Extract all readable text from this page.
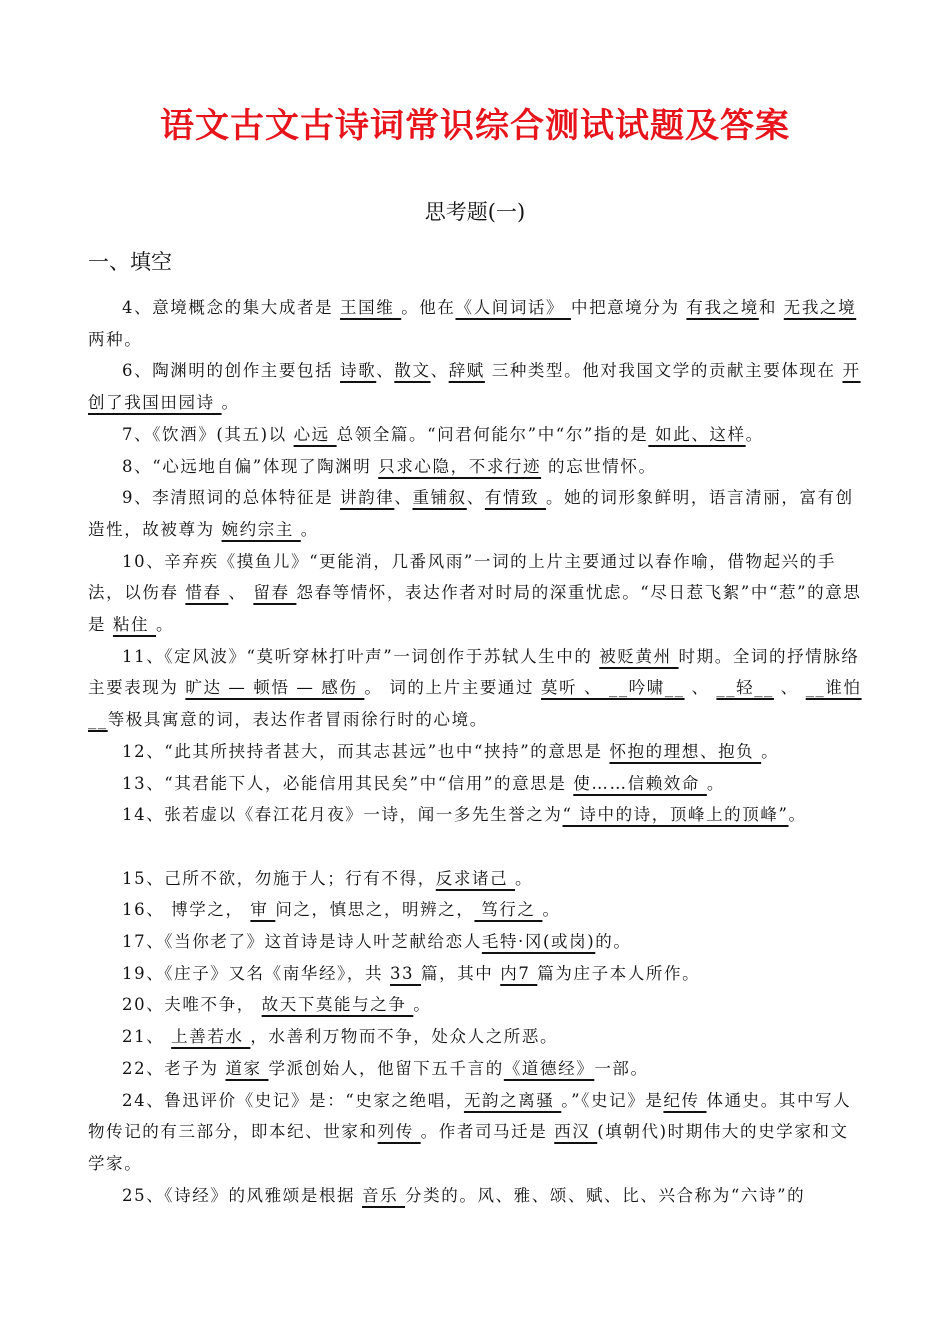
语文古文古诗词常识综合测试试题及答案
思考题(一)
一、填空

4、意境概念的集大成者是 王国维 。他在《人间词话》 中把意境分为 有我之境和 无我之境 两种。

6、陶渊明的创作主要包括 诗歌、散文、辞赋 三种类型。他对我国文学的贡献主要体现在 开创了我国田园诗 。

7、《饮酒》(其五)以 心远 总领全篇。“问君何能尔”中“尔”指的是 如此、这样。

8、“心远地自偏”体现了陶渊明 只求心隐，不求行迹 的忘世情怀。

9、李清照词的总体特征是 讲韵律、重铺叙、有情致 。她的词形象鲜明，语言清丽，富有创造性，故被尊为 婉约宗主 。

10、辛弃疾《摸鱼儿》“更能消，几番风雨”一词的上片主要通过以春作喻，借物起兴的手法，以伤春 惜春 、 留春 怨春等情怀，表达作者对时局的深重忧虑。“尽日惹飞絮”中“惹”的意思是 粘住 。

11、《定风波》“莫听穿林打叶声”一词创作于苏轼人生中的 被贬黄州 时期。全词的抒情脉络主要表现为 旷达 — 顿悟 — 感伤 。 词的上片主要通过 莫听 、 __吟啸__ 、 __轻__ 、 __谁怕__等极具寓意的词，表达作者冒雨徐行时的心境。

12、“此其所挟持者甚大，而其志甚远”也中“挟持”的意思是 怀抱的理想、抱负 。

13、“其君能下人，必能信用其民矣”中“信用”的意思是 使……信赖效命 。

14、张若虚以《春江花月夜》一诗，闻一多先生誉之为“ 诗中的诗，顶峰上的顶峰”。

15、己所不欲，勿施于人；行有不得，反求诸己 。

16、 博学之， 审 问之，慎思之，明辨之， 笃行之 。

17、《当你老了》这首诗是诗人叶芝献给恋人毛特·冈(或岗)的。

19、《庄子》又名《南华经》，共 33 篇，其中 内7 篇为庄子本人所作。

20、夫唯不争， 故天下莫能与之争 。

21、 上善若水 ，水善利万物而不争，处众人之所恶。

22、老子为 道家 学派创始人，他留下五千言的《道德经》一部。

24、鲁迅评价《史记》是：“史家之绝唱，无韵之离骚 。”《史记》是纪传 体通史。其中写人物传记的有三部分，即本纪、世家和列传 。作者司马迁是 西汉 (填朝代)时期伟大的史学家和文学家。

25、《诗经》的风雅颂是根据 音乐 分类的。风、雅、颂、赋、比、兴合称为“六诗”的
